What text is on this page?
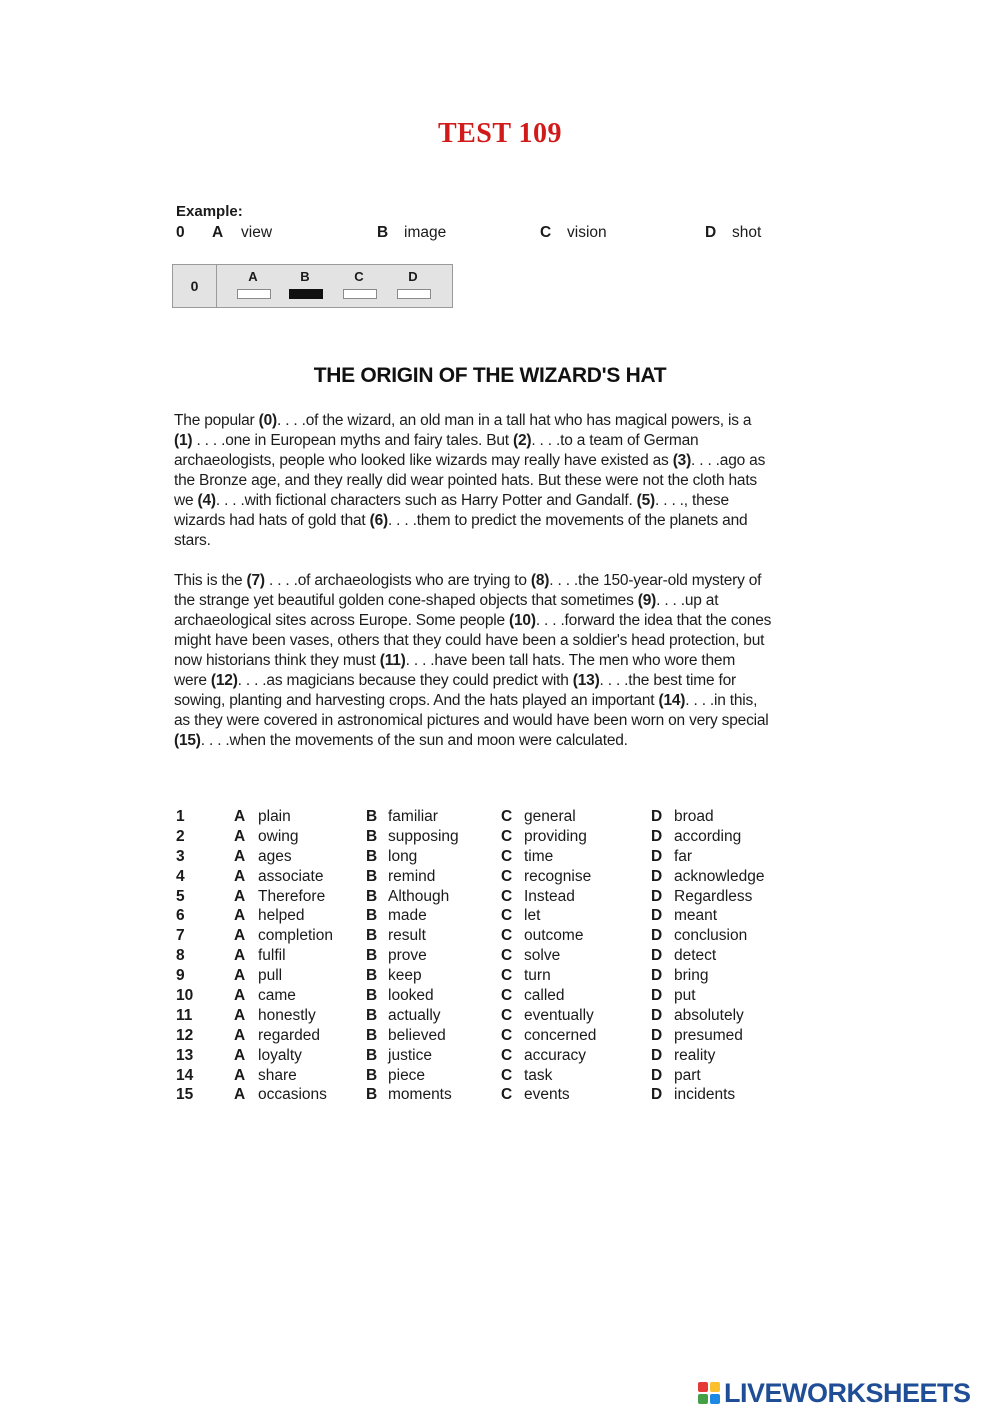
TEST 109
Example:
0 A view	B image	C vision	D shot
0
A	B	C	D
THE ORIGIN OF THE WIZARD'S HAT
The popular (0). . . .of the wizard, an old man in a tall hat who has magical powers, is a
(1) . . . .one in European myths and fairy tales. But (2). . . .to a team of German
archaeologists, people who looked like wizards may really have existed as (3). . . .ago as
the Bronze age, and they really did wear pointed hats. But these were not the cloth hats
we (4). . . .with fictional characters such as Harry Potter and Gandalf. (5). . . ., these
wizards had hats of gold that (6). . . .them to predict the movements of the planets and
stars.
This is the (7) . . . .of archaeologists who are trying to (8). . . .the 150-year-old mystery of
the strange yet beautiful golden cone-shaped objects that sometimes (9). . . .up at
archaeological sites across Europe. Some people (10). . . .forward the idea that the cones
might have been vases, others that they could have been a soldier's head protection, but
now historians think they must (11). . . .have been tall hats. The men who wore them
were (12). . . .as magicians because they could predict with (13). . . .the best time for
sowing, planting and harvesting crops. And the hats played an important (14). . . .in this,
as they were covered in astronomical pictures and would have been worn on very special
(15). . . .when the movements of the sun and moon were calculated.
1	A plain	B familiar	C general	D broad
2	A owing	B supposing	C providing	D according
3	A ages	B long	C time	D far
4	A associate	B remind	C recognise	D acknowledge
5	A Therefore	B Although	C Instead	D Regardless
6	A helped	B made	C let	D meant
7	A completion B result	C outcome	D conclusion
8	A fulfil	B prove	C solve	D detect
9	A pull	B keep	C turn	D bring
10	A came	B looked	C called	D put
11	A honestly	B actually	C eventually	D absolutely
12	A regarded	B believed	C concerned	D presumed
13	A loyalty	B justice	C accuracy	D reality
14	A share	B piece	C task	D part
15	A occasions	B moments	C events	D incidents
LIVEWORKSHEETS
